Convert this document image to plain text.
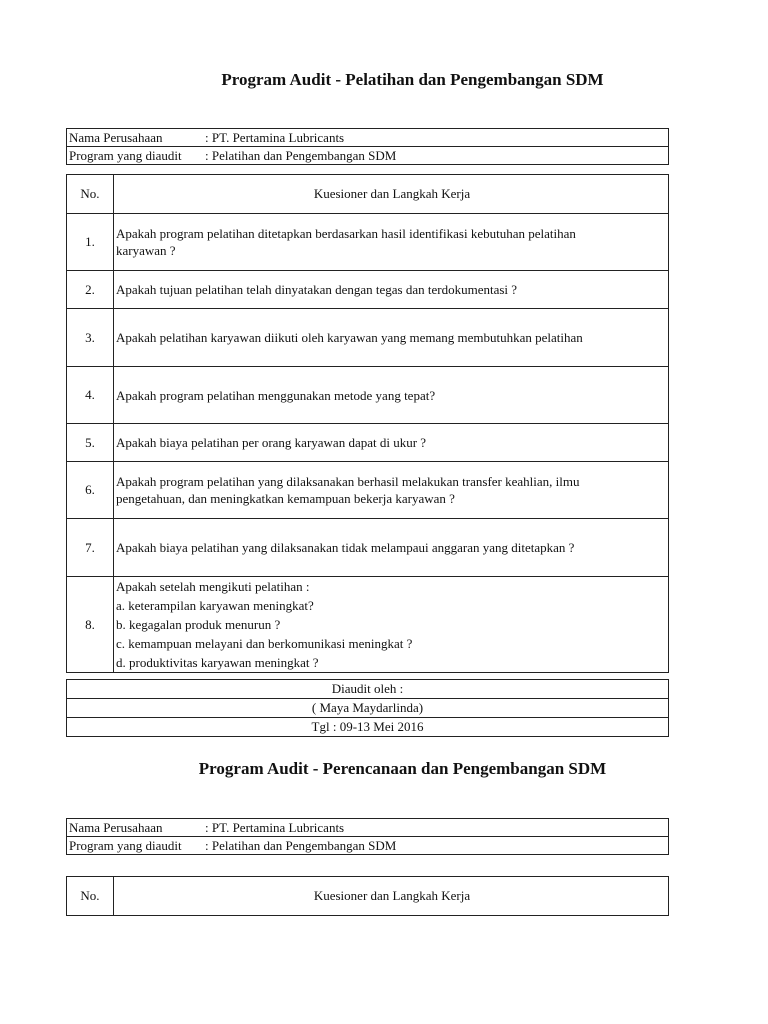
Program Audit - Pelatihan dan Pengembangan SDM
Nama Perusahaan	: PT. Pertamina Lubricants
Program yang diaudit : Pelatihan dan Pengembangan SDM
No.	Kuesioner dan Langkah Kerja
1.	Apakah program pelatihan ditetapkan berdasarkan hasil identifikasi kebutuhan pelatihan
karyawan ?

2.	Apakah tujuan pelatihan telah dinyatakan dengan tegas dan terdokumentasi ?

3.	Apakah pelatihan karyawan diikuti oleh karyawan yang memang membutuhkan pelatihan

4.	Apakah program pelatihan menggunakan metode yang tepat?

5.	Apakah biaya pelatihan per orang karyawan dapat di ukur ?

6.	Apakah program pelatihan yang dilaksanakan berhasil melakukan transfer keahlian, ilmu
pengetahuan, dan meningkatkan kemampuan bekerja karyawan ?

7.	Apakah biaya pelatihan yang dilaksanakan tidak melampaui anggaran yang ditetapkan ?

8.	Apakah setelah mengikuti pelatihan :
a. keterampilan karyawan meningkat?
b. kegagalan produk menurun ?
c. kemampuan melayani dan berkomunikasi meningkat ?
d. produktivitas karyawan meningkat ?
Diaudit oleh :
( Maya Maydarlinda)
Tgl : 09-13 Mei 2016
Program Audit - Perencanaan dan Pengembangan SDM
Nama Perusahaan	: PT. Pertamina Lubricants
Program yang diaudit : Pelatihan dan Pengembangan SDM
No.	Kuesioner dan Langkah Kerja
